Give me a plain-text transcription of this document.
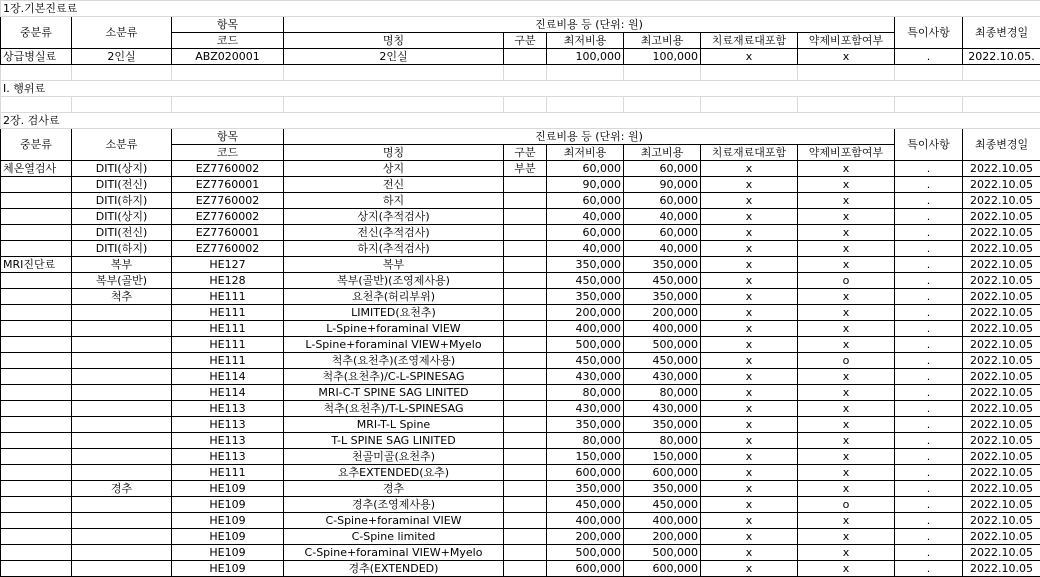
1장.기본진료료										
중분류	소분류	항목	진료비용 등 (단위: 원)						특이사항	최종변경일
		코드	명칭	구분	최저비용	최고비용	치료재료대포함	약제비포함여부		
상급병실료	2인실	ABZ020001	2인실		100,000	100,000	x	x	.	2022.10.05.

Ⅰ. 행위료										

2장. 검사료										
중분류	소분류	항목	진료비용 등 (단위: 원)						특이사항	최종변경일
		코드	명칭	구분	최저비용	최고비용	치료재료대포함	약제비포함여부		
체온열검사	DITI(상지)	EZ7760002	상지	부분	60,000	60,000	x	x	.	2022.10.05
	DITI(전신)	EZ7760001	전신		90,000	90,000	x	x	.	2022.10.05
	DITI(하지)	EZ7760002	하지		60,000	60,000	x	x	.	2022.10.05
	DITI(상지)	EZ7760002	상지(추적검사)		40,000	40,000	x	x	.	2022.10.05
	DITI(전신)	EZ7760001	전신(추적검사)		60,000	60,000	x	x	.	2022.10.05
	DITI(하지)	EZ7760002	하지(추적검사)		40,000	40,000	x	x	.	2022.10.05
MRI진단료	복부	HE127	복부		350,000	350,000	x	x	.	2022.10.05
	복부(골반)	HE128	복부(골반)(조영제사용)		450,000	450,000	x	o	.	2022.10.05
	척추	HE111	요천추(허리부위)		350,000	350,000	x	x	.	2022.10.05
		HE111	LIMITED(요천추)		200,000	200,000	x	x	.	2022.10.05
		HE111	L-Spine+foraminal VIEW		400,000	400,000	x	x	.	2022.10.05
		HE111	L-Spine+foraminal VIEW+Myelo		500,000	500,000	x	x	.	2022.10.05
		HE111	척추(요천추)(조영제사용)		450,000	450,000	x	o	.	2022.10.05
		HE114	척추(요천추)/C-L-SPINESAG		430,000	430,000	x	x	.	2022.10.05
		HE114	MRI-C-T SPINE SAG LINITED		80,000	80,000	x	x	.	2022.10.05
		HE113	척추(요천추)/T-L-SPINESAG		430,000	430,000	x	x	.	2022.10.05
		HE113	MRI-T-L Spine		350,000	350,000	x	x	.	2022.10.05
		HE113	T-L SPINE SAG LINITED		80,000	80,000	x	x	.	2022.10.05
		HE113	천골미골(요천추)		150,000	150,000	x	x	.	2022.10.05
		HE111	요추EXTENDED(요추)		600,000	600,000	x	x	.	2022.10.05
	경추	HE109	경추		350,000	350,000	x	x	.	2022.10.05
		HE109	경추(조영제사용)		450,000	450,000	x	o	.	2022.10.05
		HE109	C-Spine+foraminal VIEW		400,000	400,000	x	x	.	2022.10.05
		HE109	C-Spine limited		200,000	200,000	x	x	.	2022.10.05
		HE109	C-Spine+foraminal VIEW+Myelo		500,000	500,000	x	x	.	2022.10.05
		HE109	경추(EXTENDED)		600,000	600,000	x	x	.	2022.10.05
